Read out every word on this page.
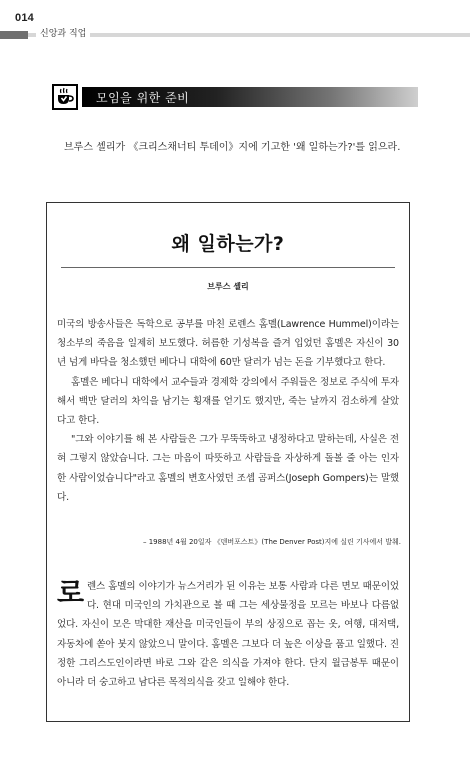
014
신앙과 직업
모임을 위한 준비
브루스 셸리가 《크리스채너티 투데이》지에 기고한 '왜 일하는가?'를 읽으라.
왜 일하는가?
브루스 셸리

미국의 방송사들은 독학으로 공부를 마친 로렌스 홈멜(Lawrence Hummel)이라는 청소부의 죽음을 일제히 보도했다. 허름한 기성복을 즐겨 입었던 홈멜은 자신이 30년 넘게 바닥을 청소했던 베다니 대학에 60만 달러가 넘는 돈을 기부했다고 한다.

홈멜은 베다니 대학에서 교수들과 경제학 강의에서 주워들은 정보로 주식에 투자해서 백만 달러의 차익을 남기는 횡재를 얻기도 했지만, 죽는 날까지 검소하게 살았다고 한다.

"그와 이야기를 해 본 사람들은 그가 무뚝뚝하고 냉정하다고 말하는데, 사실은 전혀 그렇지 않았습니다. 그는 마음이 따뜻하고 사람들을 자상하게 돌볼 줄 아는 인자한 사람이었습니다"라고 홈멜의 변호사였던 조셉 곰퍼스(Joseph Gompers)는 말했다.

– 1988년 4월 20일자 《덴버포스트》(The Denver Post)지에 실린 기사에서 발췌.
로 렌스 홈멜의 이야기가 뉴스거리가 된 이유는 보통 사람과 다른 면모 때문이었다. 현대 미국인의 가치관으로 볼 때 그는 세상물정을 모르는 바보나 다름없었다. 자신이 모은 막대한 재산을 미국인들이 부의 상징으로 꼽는 옷, 여행, 대저택, 자동차에 쏟아 붓지 않았으니 말이다. 홈멜은 그보다 더 높은 이상을 품고 일했다. 진정한 그리스도인이라면 바로 그와 같은 의식을 가져야 한다. 단지 월급봉투 때문이 아니라 더 숭고하고 남다른 목적의식을 갖고 일해야 한다.
